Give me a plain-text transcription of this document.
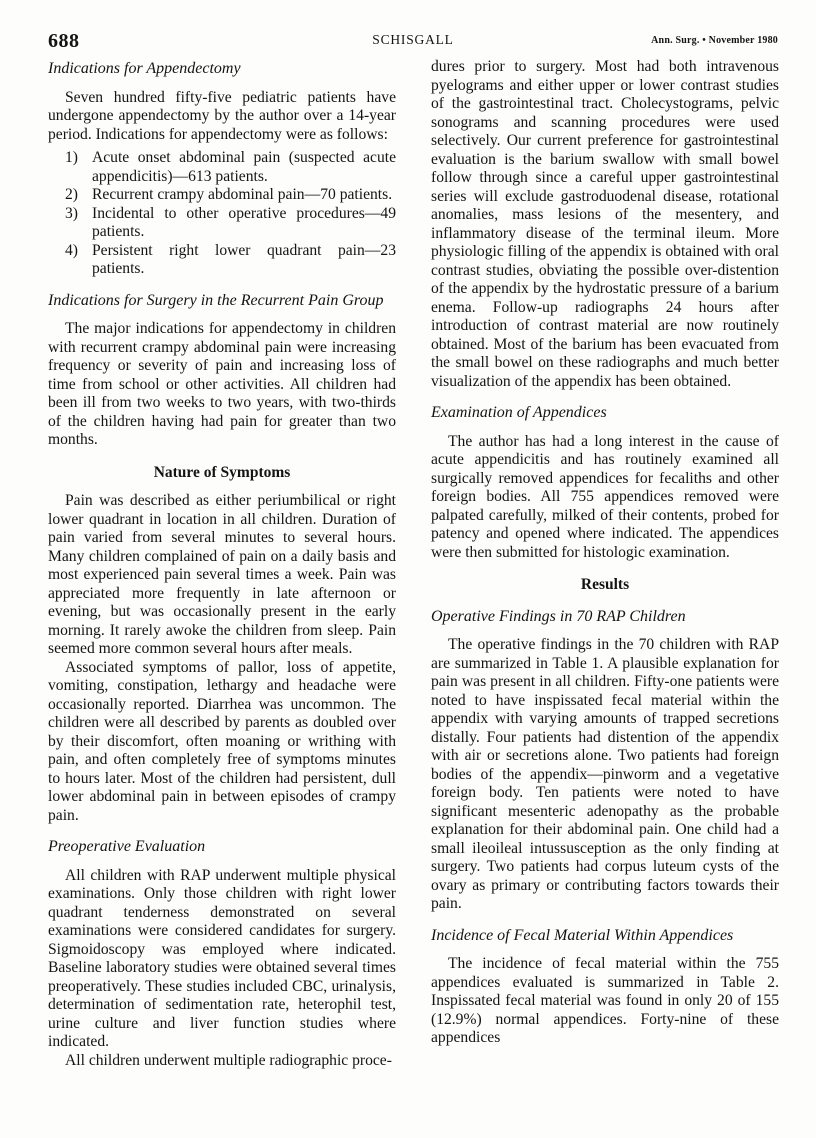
688	SCHISGALL	Ann. Surg. • November 1980
Indications for Appendectomy

Seven hundred fifty-five pediatric patients have undergone appendectomy by the author over a 14-year period. Indications for appendectomy were as follows:

1) Acute onset abdominal pain (suspected acute appendicitis)—613 patients.
2) Recurrent crampy abdominal pain—70 patients.
3) Incidental to other operative procedures—49 patients.
4) Persistent right lower quadrant pain—23 patients.
Indications for Surgery in the Recurrent Pain Group

The major indications for appendectomy in children with recurrent crampy abdominal pain were increasing frequency or severity of pain and increasing loss of time from school or other activities. All children had been ill from two weeks to two years, with two-thirds of the children having had pain for greater than two months.

Nature of Symptoms

Pain was described as either periumbilical or right lower quadrant in location in all children. Duration of pain varied from several minutes to several hours. Many children complained of pain on a daily basis and most experienced pain several times a week. Pain was appreciated more frequently in late afternoon or evening, but was occasionally present in the early morning. It rarely awoke the children from sleep. Pain seemed more common several hours after meals.

Associated symptoms of pallor, loss of appetite, vomiting, constipation, lethargy and headache were occasionally reported. Diarrhea was uncommon. The children were all described by parents as doubled over by their discomfort, often moaning or writhing with pain, and often completely free of symptoms minutes to hours later. Most of the children had persistent, dull lower abdominal pain in between episodes of crampy pain.

Preoperative Evaluation

All children with RAP underwent multiple physical examinations. Only those children with right lower quadrant tenderness demonstrated on several examinations were considered candidates for surgery. Sigmoidoscopy was employed where indicated. Baseline laboratory studies were obtained several times preoperatively. These studies included CBC, urinalysis, determination of sedimentation rate, heterophil test, urine culture and liver function studies where indicated.

All children underwent multiple radiographic proce-

dures prior to surgery. Most had both intravenous pyelograms and either upper or lower contrast studies of the gastrointestinal tract. Cholecystograms, pelvic sonograms and scanning procedures were used selectively. Our current preference for gastrointestinal evaluation is the barium swallow with small bowel follow through since a careful upper gastrointestinal series will exclude gastroduodenal disease, rotational anomalies, mass lesions of the mesentery, and inflammatory disease of the terminal ileum. More physiologic filling of the appendix is obtained with oral contrast studies, obviating the possible over-distention of the appendix by the hydrostatic pressure of a barium enema. Follow-up radiographs 24 hours after introduction of contrast material are now routinely obtained. Most of the barium has been evacuated from the small bowel on these radiographs and much better visualization of the appendix has been obtained.

Examination of Appendices

The author has had a long interest in the cause of acute appendicitis and has routinely examined all surgically removed appendices for fecaliths and other foreign bodies. All 755 appendices removed were palpated carefully, milked of their contents, probed for patency and opened where indicated. The appendices were then submitted for histologic examination.

Results
Operative Findings in 70 RAP Children

The operative findings in the 70 children with RAP are summarized in Table 1. A plausible explanation for pain was present in all children. Fifty-one patients were noted to have inspissated fecal material within the appendix with varying amounts of trapped secretions distally. Four patients had distention of the appendix with air or secretions alone. Two patients had foreign bodies of the appendix—pinworm and a vegetative foreign body. Ten patients were noted to have significant mesenteric adenopathy as the probable explanation for their abdominal pain. One child had a small ileoileal intussusception as the only finding at surgery. Two patients had corpus luteum cysts of the ovary as primary or contributing factors towards their pain.

Incidence of Fecal Material Within Appendices

The incidence of fecal material within the 755 appendices evaluated is summarized in Table 2. Inspissated fecal material was found in only 20 of 155 (12.9%) normal appendices. Forty-nine of these appendices
